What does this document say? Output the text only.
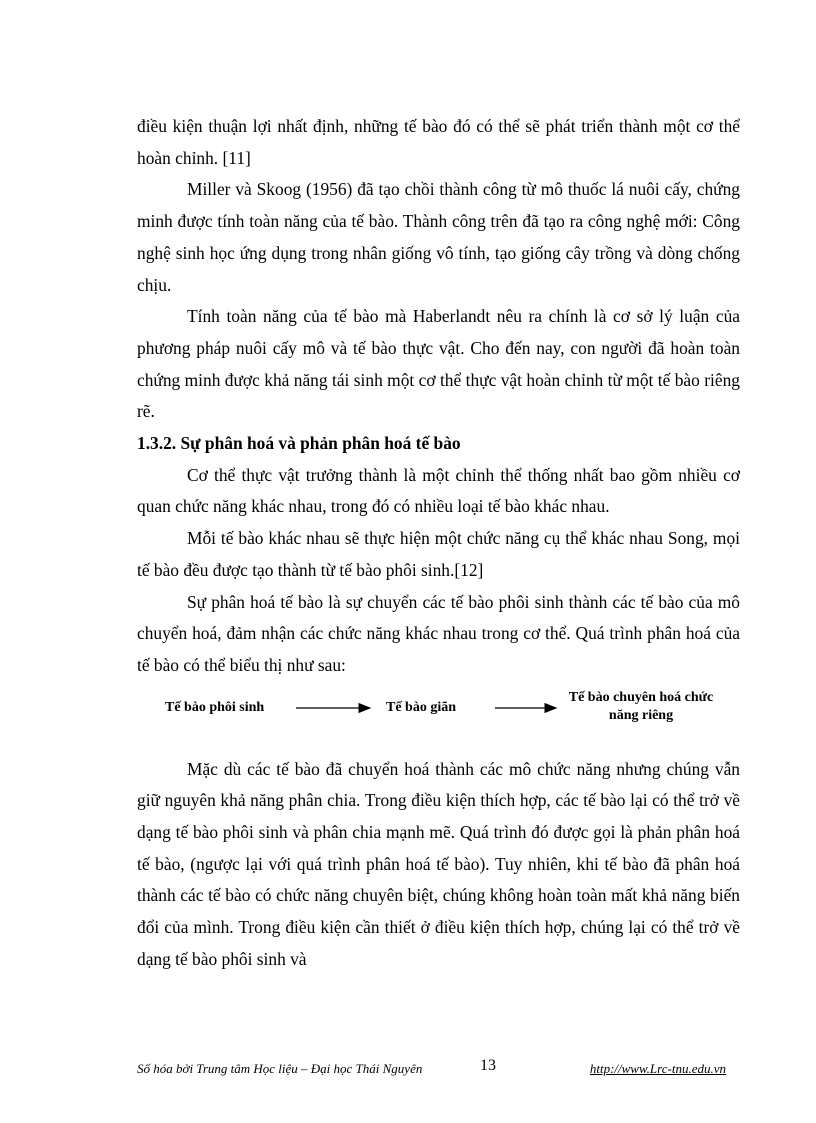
điều kiện thuận lợi nhất định, những tế bào đó có thể sẽ phát triển thành một cơ thể hoàn chỉnh. [11]

Miller và Skoog (1956) đã tạo chồi thành công từ mô thuốc lá nuôi cấy, chứng minh được tính toàn năng của tế bào. Thành công trên đã tạo ra công nghệ mới: Công nghệ sinh học ứng dụng trong nhân giống vô tính, tạo giống cây trồng và dòng chống chịu.

Tính toàn năng của tế bào mà Haberlandt nêu ra chính là cơ sở lý luận của phương pháp nuôi cấy mô và tế bào thực vật. Cho đến nay, con người đã hoàn toàn chứng minh được khả năng tái sinh một cơ thể thực vật hoàn chỉnh từ một tế bào riêng rẽ.

1.3.2. Sự phân hoá và phản phân hoá tế bào

Cơ thể thực vật trưởng thành là một chỉnh thể thống nhất bao gồm nhiều cơ quan chức năng khác nhau, trong đó có nhiều loại tế bào khác nhau.

Mỗi tế bào khác nhau sẽ thực hiện một chức năng cụ thể khác nhau Song, mọi tế bào đều được tạo thành từ tế bào phôi sinh.[12]

Sự phân hoá tế bào là sự chuyển các tế bào phôi sinh thành các tế bào của mô chuyển hoá, đảm nhận các chức năng khác nhau trong cơ thể. Quá trình phân hoá của tế bào có thể biểu thị như sau:

Tế bào phôi sinh	Tế bào giãn
Tế bào chuyên hoá chức năng riêng

Mặc dù các tế bào đã chuyển hoá thành các mô chức năng nhưng chúng vẫn giữ nguyên khả năng phân chia. Trong điều kiện thích hợp, các tế bào lại có thể trở về dạng tế bào phôi sinh và phân chia mạnh mẽ. Quá trình đó được gọi là phản phân hoá tế bào, (ngược lại với quá trình phân hoá tế bào). Tuy nhiên, khi tế bào đã phân hoá thành các tế bào có chức năng chuyên biệt, chúng không hoàn toàn mất khả năng biến đổi của mình. Trong điều kiện cần thiết ở điều kiện thích hợp, chúng lại có thể trở về dạng tế bào phôi sinh và

Số hóa bởi Trung tâm Học liệu – Đại học Thái Nguyên	13	http://www.Lrc-tnu.edu.vn
